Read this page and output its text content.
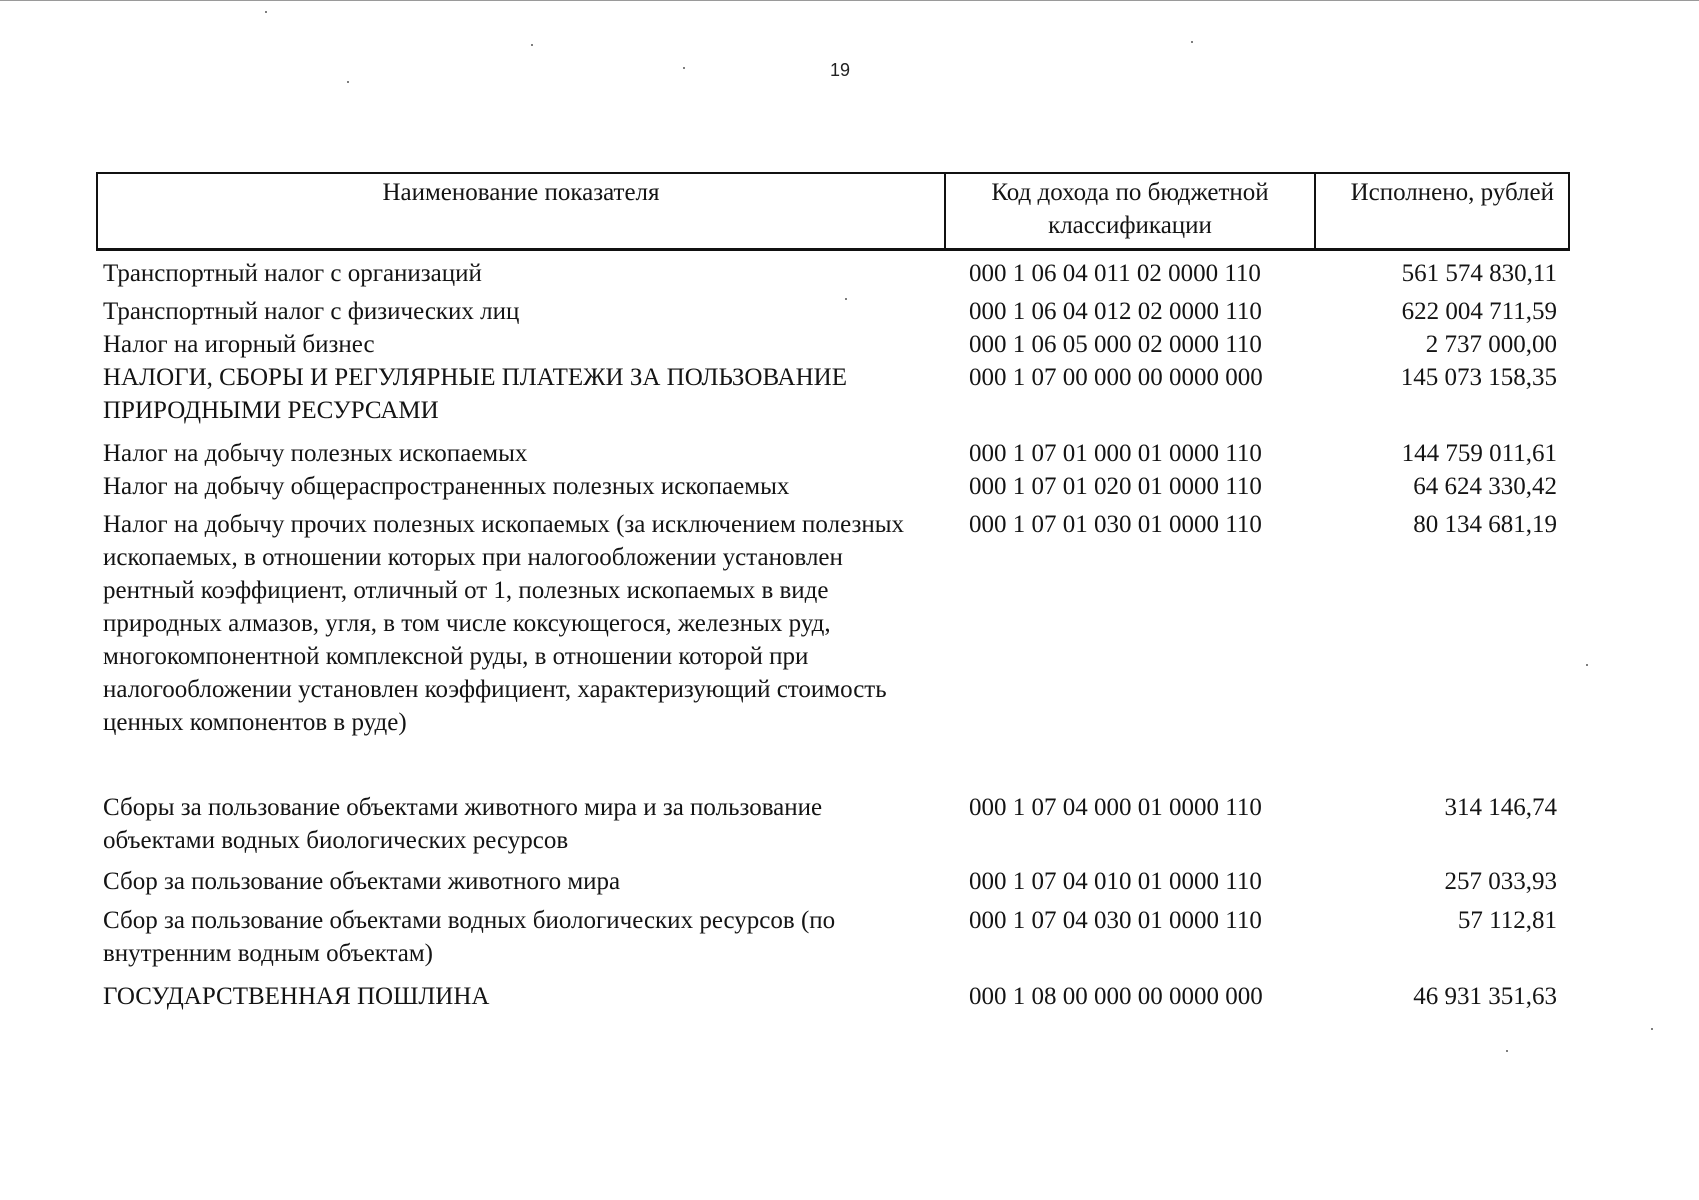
19
Наименование показателя	Код дохода по бюджетной классификации	Исполнено, рублей
Транспортный налог с организаций	000 1 06 04 011 02 0000 110	561 574 830,11
Транспортный налог с физических лиц	000 1 06 04 012 02 0000 110	622 004 711,59
Налог на игорный бизнес	000 1 06 05 000 02 0000 110	2 737 000,00
НАЛОГИ, СБОРЫ И РЕГУЛЯРНЫЕ ПЛАТЕЖИ ЗА ПОЛЬЗОВАНИЕ ПРИРОДНЫМИ РЕСУРСАМИ	000 1 07 00 000 00 0000 000	145 073 158,35
Налог на добычу полезных ископаемых	000 1 07 01 000 01 0000 110	144 759 011,61
Налог на добычу общераспространенных полезных ископаемых	000 1 07 01 020 01 0000 110	64 624 330,42
Налог на добычу прочих полезных ископаемых (за исключением полезных ископаемых, в отношении которых при налогообложении установлен рентный коэффициент, отличный от 1, полезных ископаемых в виде природных алмазов, угля, в том числе коксующегося, железных руд, многокомпонентной комплексной руды, в отношении которой при налогообложении установлен коэффициент, характеризующий стоимость ценных компонентов в руде)	000 1 07 01 030 01 0000 110	80 134 681,19
Сборы за пользование объектами животного мира и за пользование объектами водных биологических ресурсов	000 1 07 04 000 01 0000 110	314 146,74
Сбор за пользование объектами животного мира	000 1 07 04 010 01 0000 110	257 033,93
Сбор за пользование объектами водных биологических ресурсов (по внутренним водным объектам)	000 1 07 04 030 01 0000 110	57 112,81
ГОСУДАРСТВЕННАЯ ПОШЛИНА	000 1 08 00 000 00 0000 000	46 931 351,63
